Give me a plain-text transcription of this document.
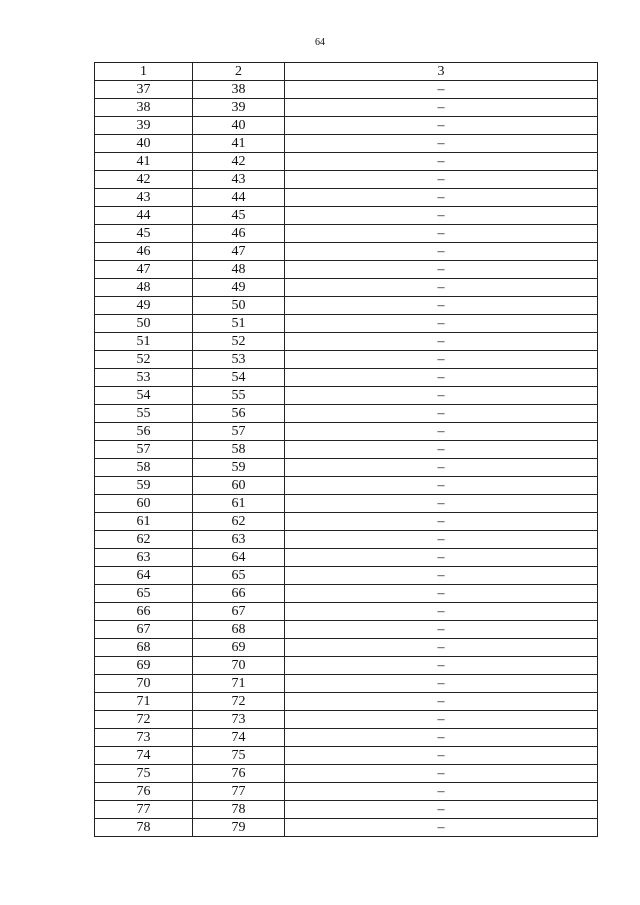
64
1	2	3
37	38	–
38	39	–
39	40	–
40	41	–
41	42	–
42	43	–
43	44	–
44	45	–
45	46	–
46	47	–
47	48	–
48	49	–
49	50	–
50	51	–
51	52	–
52	53	–
53	54	–
54	55	–
55	56	–
56	57	–
57	58	–
58	59	–
59	60	–
60	61	–
61	62	–
62	63	–
63	64	–
64	65	–
65	66	–
66	67	–
67	68	–
68	69	–
69	70	–
70	71	–
71	72	–
72	73	–
73	74	–
74	75	–
75	76	–
76	77	–
77	78	–
78	79	–
